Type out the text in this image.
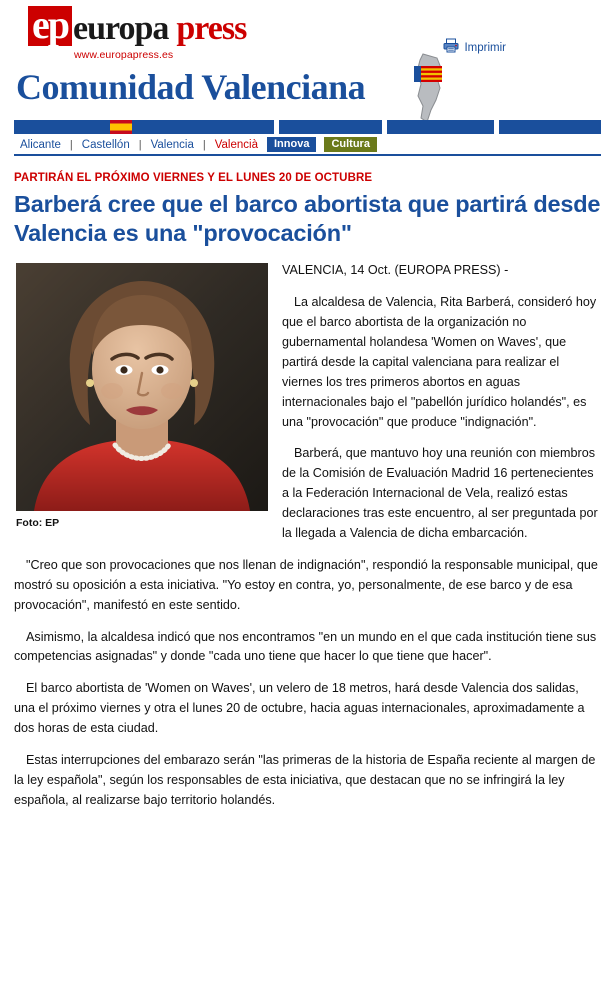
ep europa press
www.europapress.es
Imprimir
Comunidad Valenciana
Alicante | Castellón | Valencia | Valencià	Innova	Cultura
PARTIRÁN EL PRÓXIMO VIERNES Y EL LUNES 20 DE OCTUBRE
Barberá cree que el barco abortista que partirá desde Valencia es una "provocación"
Foto: EP

VALENCIA, 14 Oct. (EUROPA PRESS) -

La alcaldesa de Valencia, Rita Barberá, consideró hoy que el barco abortista de la organización no gubernamental holandesa 'Women on Waves', que partirá desde la capital valenciana para realizar el viernes los tres primeros abortos en aguas internacionales bajo el "pabellón jurídico holandés", es una "provocación" que produce "indignación".

Barberá, que mantuvo hoy una reunión con miembros de la Comisión de Evaluación Madrid 16 pertenecientes a la Federación Internacional de Vela, realizó estas declaraciones tras este encuentro, al ser preguntada por la llegada a Valencia de dicha embarcación.

"Creo que son provocaciones que nos llenan de indignación", respondió la responsable municipal, que mostró su oposición a esta iniciativa. "Yo estoy en contra, yo, personalmente, de ese barco y de esa provocación", manifestó en este sentido.

Asimismo, la alcaldesa indicó que nos encontramos "en un mundo en el que cada institución tiene sus competencias asignadas" y donde "cada uno tiene que hacer lo que tiene que hacer".

El barco abortista de 'Women on Waves', un velero de 18 metros, hará desde Valencia dos salidas, una el próximo viernes y otra el lunes 20 de octubre, hacia aguas internacionales, aproximadamente a dos horas de esta ciudad.

Estas interrupciones del embarazo serán "las primeras de la historia de España reciente al margen de la ley española", según los responsables de esta iniciativa, que destacan que no se infringirá la ley española, al realizarse bajo territorio holandés.
